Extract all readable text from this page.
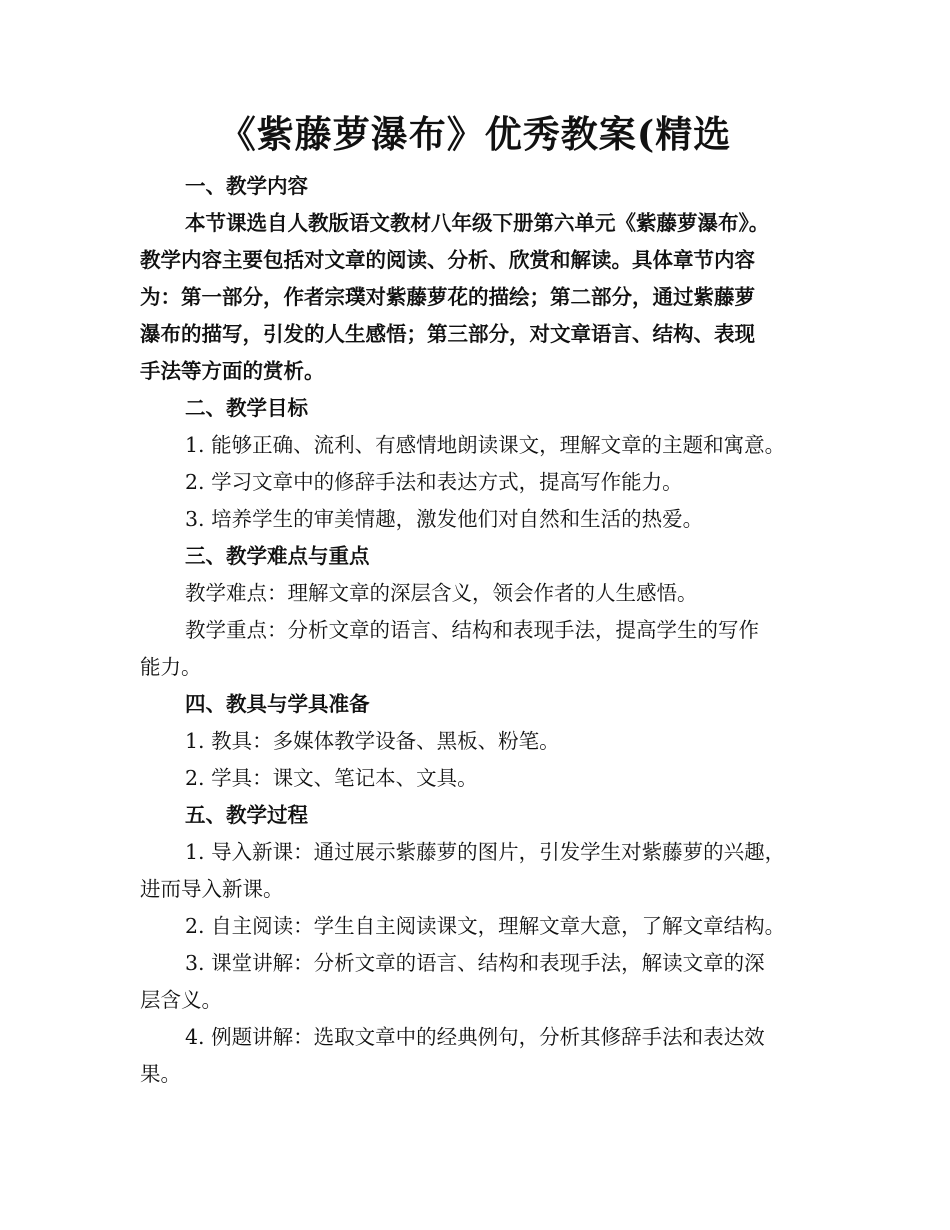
《紫藤萝瀑布》优秀教案(精选
一、教学内容
本节课选自人教版语文教材八年级下册第六单元《紫藤萝瀑布》。
教学内容主要包括对文章的阅读、分析、欣赏和解读。具体章节内容
为：第一部分，作者宗璞对紫藤萝花的描绘；第二部分，通过紫藤萝
瀑布的描写，引发的人生感悟；第三部分，对文章语言、结构、表现
手法等方面的赏析。
二、教学目标
1. 能够正确、流利、有感情地朗读课文，理解文章的主题和寓意。
2. 学习文章中的修辞手法和表达方式，提高写作能力。
3. 培养学生的审美情趣，激发他们对自然和生活的热爱。
三、教学难点与重点
教学难点：理解文章的深层含义，领会作者的人生感悟。
教学重点：分析文章的语言、结构和表现手法，提高学生的写作
能力。
四、教具与学具准备
1. 教具：多媒体教学设备、黑板、粉笔。
2. 学具：课文、笔记本、文具。
五、教学过程
1. 导入新课：通过展示紫藤萝的图片，引发学生对紫藤萝的兴趣，
进而导入新课。
2. 自主阅读：学生自主阅读课文，理解文章大意，了解文章结构。
3. 课堂讲解：分析文章的语言、结构和表现手法，解读文章的深
层含义。
4. 例题讲解：选取文章中的经典例句，分析其修辞手法和表达效
果。
